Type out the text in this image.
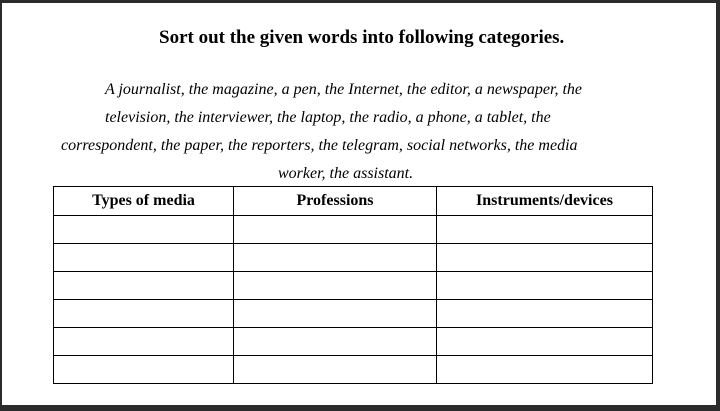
Sort out the given words into following categories.
A journalist, the magazine, a pen, the Internet, the editor, a newspaper, the
television, the interviewer, the laptop, the radio, a phone, a tablet, the
correspondent, the paper, the reporters, the telegram, social networks, the media
worker, the assistant.
Types of media	Professions	Instruments/devices
